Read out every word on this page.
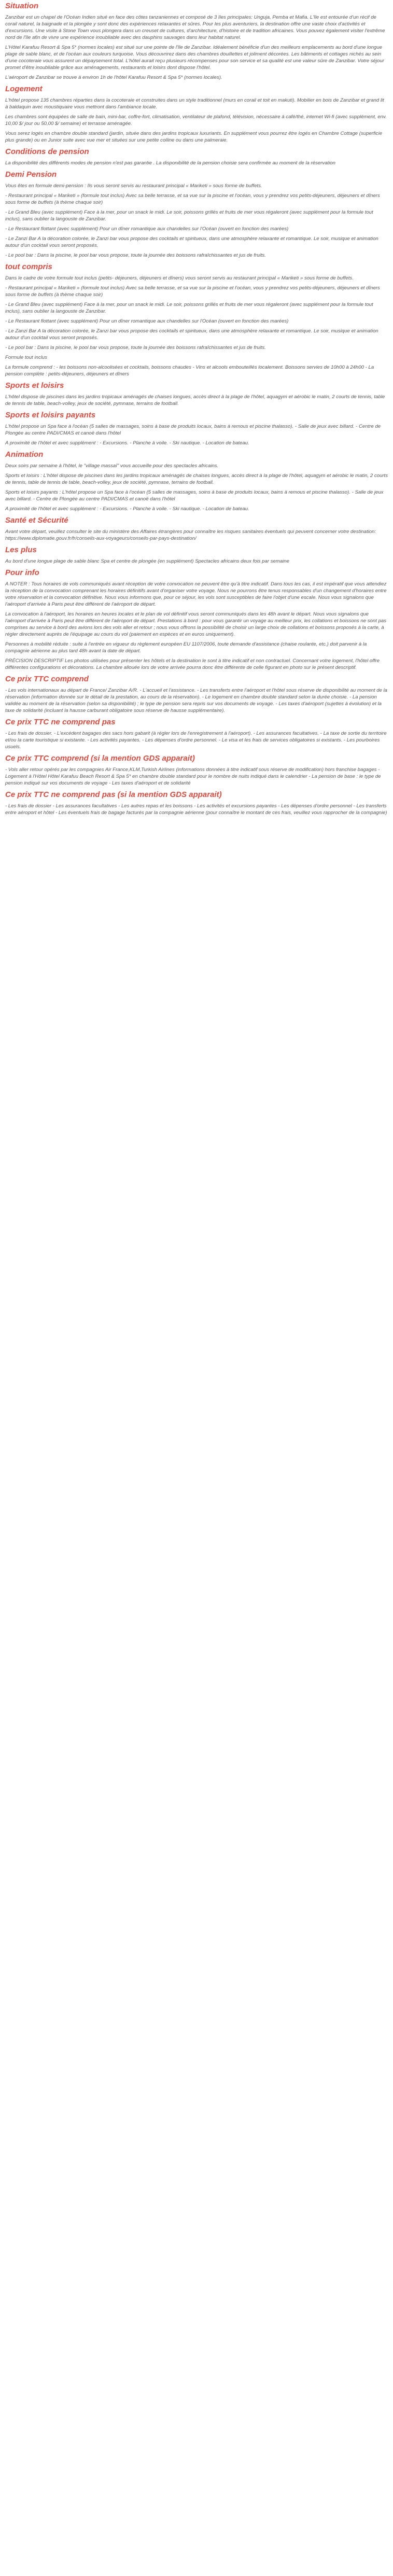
Situation

Zanzibar est un chapel de l'Océan Indien situé en face des côtes tanzaniennes et composé de 3 îles principales: Unguja, Pemba et Mafia. L'île est entourée d'un récif de corail naturel, la baignade et la plongée y sont donc des expériences relaxantes et sûres. Pour les plus aventuriers, la destination offre une vaste choix d'activités et d'excursions. Une visite à Stone Town vous plongera dans un creuset de cultures, d'architecture, d'histoire et de tradition africaines. Vous pouvez également visiter l'extrême nord de l'île afin de vivre une expérience inoubliable avec des dauphins sauvages dans leur habitat naturel.

L'Hôtel Karafuu Resort & Spa 5* (normes locales) est situé sur une pointe de l'île de Zanzibar. Idéalement bénéficie d'un des meilleurs emplacements au bord d'une longue plage de sable blanc, et de l'océan aux couleurs turquoise. Vous découvrirez dans des chambres douillettes et joliment décorées. Les bâtiments et cottages nichés au sein d'une cocoteraie vous assurent un dépaysement total. L'hôtel aurait reçu plusieurs récompenses pour son service et sa qualité est une valeur sûre de Zanzibar. Votre séjour promet d'être inoubliable grâce aux aménagements, restaurants et loisirs dont dispose l'hôtel.

L'aéroport de Zanzibar se trouve à environ 1h de l'hôtel Karafuu Resort & Spa 5* (normes locales).

Logement

L'hôtel propose 135 chambres réparties dans la cocoteraie et construites dans un style traditionnel (murs en corail et toit en makuti). Mobilier en bois de Zanzibar et grand lit à baldaquin avec moustiquaire vous mettront dans l'ambiance locale.

Les chambres sont équipées de salle de bain, mini-bar, coffre-fort, climatisation, ventilateur de plafond, télévision, nécessaire à café/thé, internet Wi-fi (avec supplément, env. 10,00 $/ jour ou 50,00 $/ semaine) et terrasse aménagée.

Vous serez logés en chambre double standard (jardin, située dans des jardins tropicaux luxuriants. En supplément vous pourrez être logés en Chambre Cottage (superficie plus grande) ou en Junior suite avec vue mer et situées sur une petite colline ou dans une palmeraie.

Conditions de pension

La disponibilité des différents modes de pension n'est pas garantie . La disponibilité de la pension choisie sera confirmée au moment de la réservation

Demi Pension

Vous êtes en formule demi-pension : Ils vous seront servis au restaurant principal « Mariketi » sous forme de buffets.

- Restaurant principal « Mariketi » (formule tout inclus) Avec sa belle terrasse, et sa vue sur la piscine et l'océan, vous y prendrez vos petits-déjeuners, déjeuners et dîners sous forme de buffets (à thème chaque soir)

- Le Grand Bleu (avec supplément) Face à la mer, pour un snack le midi. Le soir, poissons grillés et fruits de mer vous régaleront (avec supplément pour la formule tout inclus), sans oublier la langouste de Zanzibar.

- Le Restaurant flottant (avec supplément) Pour un dîner romantique aux chandelles sur l'Océan (ouvert en fonction des marées)

- Le Zanzi Bar A la décoration colorée, le Zanzi bar vous propose des cocktails et spiritueux, dans une atmosphère relaxante et romantique. Le soir, musique et animation autour d'un cocktail vous seront proposés.

- Le pool bar : Dans la piscine, le pool bar vous propose, toute la journée des boissons rafraîchissantes et jus de fruits.

tout compris

Dans le cadre de votre formule tout inclus (petits- déjeuners, déjeuners et dîners) vous seront servis au restaurant principal « Mariketi » sous forme de buffets.

- Restaurant principal « Mariketi » (formule tout inclus) Avec sa belle terrasse, et sa vue sur la piscine et l'océan, vous y prendrez vos petits-déjeuners, déjeuners et dîners sous forme de buffets (à thème chaque soir)

- Le Grand Bleu (avec supplément) Face à la mer, pour un snack le midi. Le soir, poissons grillés et fruits de mer vous régaleront (avec supplément pour la formule tout inclus), sans oublier la langouste de Zanzibar.

- Le Restaurant flottant (avec supplément) Pour un dîner romantique aux chandelles sur l'Océan (ouvert en fonction des marées)

- Le Zanzi Bar A la décoration colorée, le Zanzi bar vous propose des cocktails et spiritueux, dans une atmosphère relaxante et romantique. Le soir, musique et animation autour d'un cocktail vous seront proposés.

- Le pool bar : Dans la piscine, le pool bar vous propose, toute la journée des boissons rafraîchissantes et jus de fruits.

Formule tout inclus

La formule comprend : - les boissons non-alcoolisées et cocktails, boissons chaudes - Vins et alcools embouteillés localement. Boissons servies de 10h00 à 24h00 - La pension complète : petits-déjeuners, déjeuners et dîners

Sports et loisirs

L'hôtel dispose de piscines dans les jardins tropicaux aménagés de chaises longues, accès direct à la plage de l'hôtel, aquagym et aérobic le matin, 2 courts de tennis, table de tennis de table, beach-volley, jeux de société, pymnase, terrains de football.

Sports et loisirs payants

L'hôtel propose un Spa face à l'océan (5 salles de massages, soins à base de produits locaux, bains à remous et piscine thalasso). - Salle de jeux avec billard. - Centre de Plongée au centre PADI/CMAS et canoë dans l'hôtel

A proximité de l'hôtel et avec supplément : - Excursions. - Planche à voile. - Ski nautique. - Location de bateau.

Animation

Deux soirs par semaine à l'hôtel, le "village massaï" vous accueille pour des spectacles africains.

Sports et loisirs : L'hôtel dispose de piscines dans les jardins tropicaux aménagés de chaises longues, accès direct à la plage de l'hôtel, aquagym et aérobic le matin, 2 courts de tennis, table de tennis de table, beach-volley, jeux de société, pymnase, terrains de football.

Sports et loisirs payants : L'hôtel propose un Spa face à l'océan (5 salles de massages, soins à base de produits locaux, bains à remous et piscine thalasso). - Salle de jeux avec billard. - Centre de Plongée au centre PADI/CMAS et canoë dans l'hôtel

A proximité de l'hôtel et avec supplément : - Excursions. - Planche à voile. - Ski nautique. - Location de bateau.

Santé et Sécurité

Avant votre départ, veuillez consulter le site du ministère des Affaires étrangères pour connaître les risques sanitaires éventuels qui peuvent concerner votre destination: https://www.diplomatie.gouv.fr/fr/conseils-aux-voyageurs/conseils-par-pays-destination/

Les plus

Au bord d'une longue plage de sable blanc Spa et centre de plongée (en supplément) Spectacles africains deux fois par semaine

Pour info

A NOTER : Tous horaires de vols communiqués avant réception de votre convocation ne peuvent être qu'à titre indicatif. Dans tous les cas, il est impératif que vous attendiez la réception de la convocation comprenant les horaires définitifs avant d'organiser votre voyage. Nous ne pourrons être tenus responsables d'un changement d'horaires entre votre réservation et la convocation définitive. Nous vous informons que, pour ce séjour, les vols sont susceptibles de faire l'objet d'une escale. Nous vous signalons que l'aéroport d'arrivée à Paris peut être différent de l'aéroport de départ.

La convocation à l'aéroport, les horaires en heures locales et le plan de vol définitif vous seront communiqués dans les 48h avant le départ. Nous vous signalons que l'aéroport d'arrivée à Paris peut être différent de l'aéroport de départ. Prestations à bord : pour vous garantir un voyage au meilleur prix, les collations et boissons ne sont pas comprises au service à bord des avions lors des vols aller et retour ; nous vous offrons la possibilité de choisir un large choix de collations et boissons proposés à la carte, à régler directement auprès de l'équipage au cours du vol (paiement en espèces et en euros uniquement).

Personnes à mobilité réduite : suite à l'entrée en vigueur du règlement européen EU 1107/2006, toute demande d'assistance (chaise roulante, etc.) doit parvenir à la compagnie aérienne au plus tard 48h avant la date de départ.

PRÉCISION DESCRIPTIF Les photos utilisées pour présenter les hôtels et la destination le sont à titre indicatif et non contractuel. Concernant votre logement, l'hôtel offre différentes configurations et décorations. La chambre allouée lors de votre arrivée pourra donc être différente de celle figurant en photo sur le présent descriptif.

Ce prix TTC comprend

- Les vols internationaux au départ de France/ Zanzibar A/R. - L'accueil et l'assistance. - Les transferts entre l'aéroport et l'hôtel sous réserve de disponibilité au moment de la réservation (information donnée sur le détail de la prestation, au cours de la réservation). - Le logement en chambre double standard selon la durée choisie. - La pension validée au moment de la réservation (selon sa disponibilité) ; le type de pension sera repris sur vos documents de voyage. - Les taxes d'aéroport (sujettes à évolution) et la taxe de solidarité (incluant la hausse carburant obligatoire sous réserve de hausse supplémentaire).

Ce prix TTC ne comprend pas

- Les frais de dossier. - L'excédent bagages des sacs hors gabarit (à régler lors de l'enregistrement à l'aéroport). - Les assurances facultatives. - La taxe de sortie du territoire et/ou la carte touristique si existante. - Les activités payantes. - Les dépenses d'ordre personnel. - Le visa et les frais de services obligatoires si existants. - Les pourboires usuels.

Ce prix TTC comprend (si la mention GDS apparait)

- Vols aller retour opérés par les compagnies Air France,KLM,Turkish Airlines (informations données à titre indicatif sous réserve de modification) hors franchise bagages - Logement à l'Hôtel Hôtel Karafuu Beach Resort & Spa 5* en chambre double standard pour le nombre de nuits indiqué dans le calendrier - La pension de base : le type de pension indiqué sur vos documents de voyage - Les taxes d'aéroport et de solidarité

Ce prix TTC ne comprend pas (si la mention GDS apparait)

- Les frais de dossier - Les assurances facultatives - Les autres repas et les boissons - Les activités et excursions payantes - Les dépenses d'ordre personnel - Les transferts entre aéroport et hôtel - Les éventuels frais de bagage facturés par la compagnie aérienne (pour connaître le montant de ces frais, veuillez vous rapprocher de la compagnie)
